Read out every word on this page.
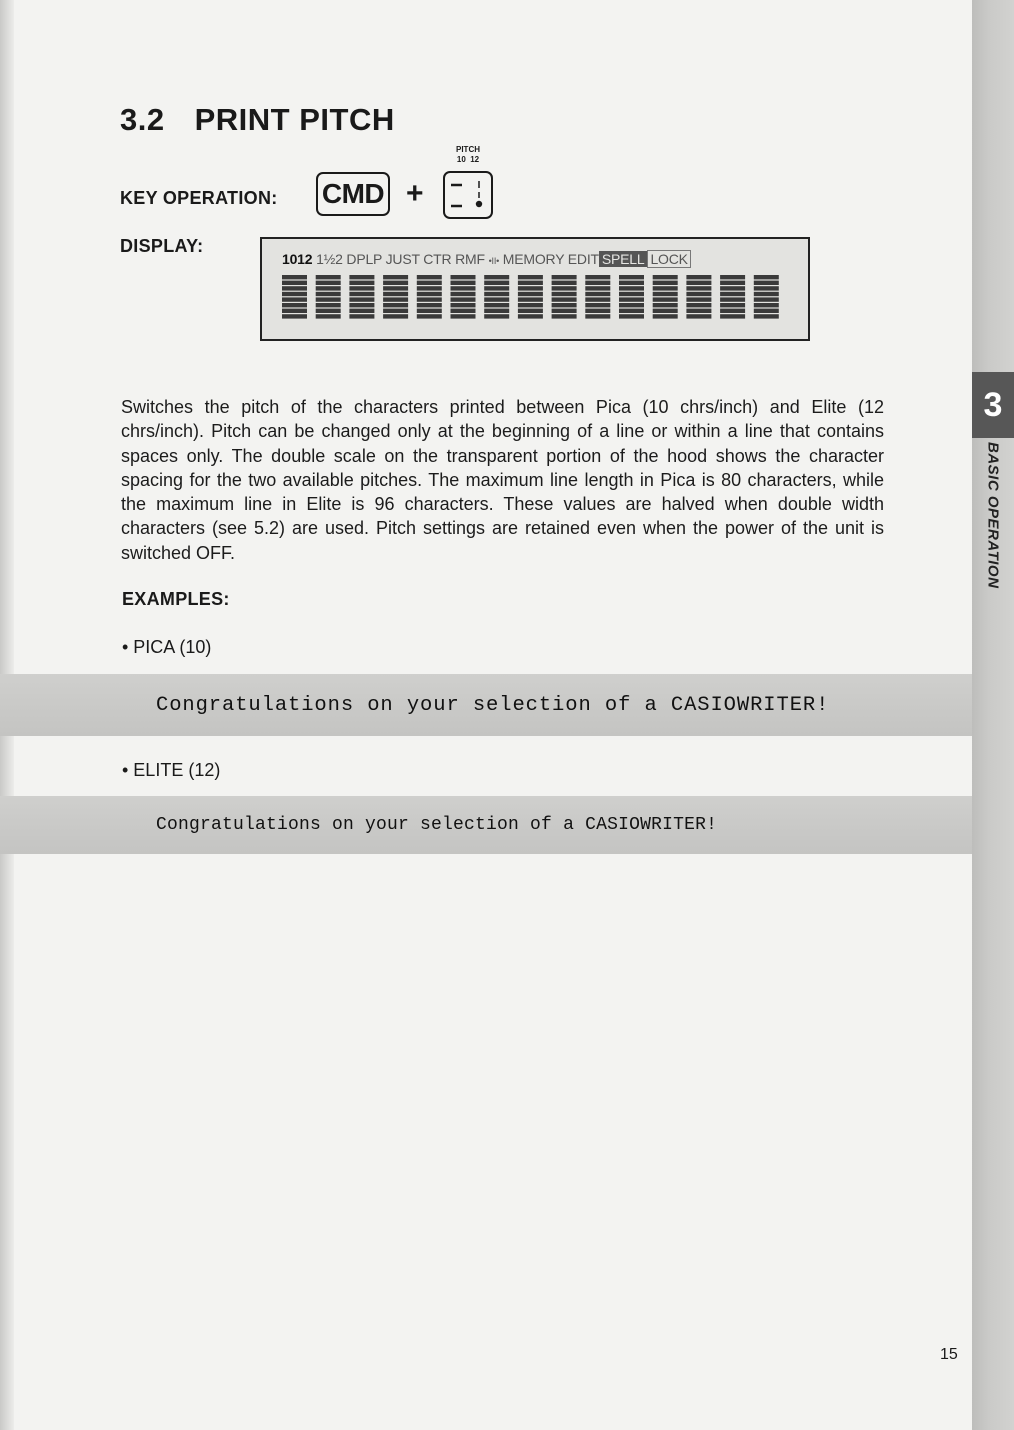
3
BASIC OPERATION
3.2 PRINT PITCH
KEY OPERATION: CMD +
PITCH
10  12
DISPLAY:
1012 1½2 DPLP JUST CTR RMF •II• MEMORY EDIT SPELL LOCK

Switches the pitch of the characters printed between Pica (10 chrs/inch) and Elite (12 chrs/inch). Pitch can be changed only at the beginning of a line or within a line that contains spaces only. The double scale on the transparent portion of the hood shows the character spacing for the two available pitches. The maximum line length in Pica is 80 characters, while the maximum line in Elite is 96 characters. These values are halved when double width characters (see 5.2) are used. Pitch settings are retained even when the power of the unit is switched OFF.

EXAMPLES:
• PICA (10)
Congratulations on your selection of a CASIOWRITER!
• ELITE (12)
Congratulations on your selection of a CASIOWRITER!
15
